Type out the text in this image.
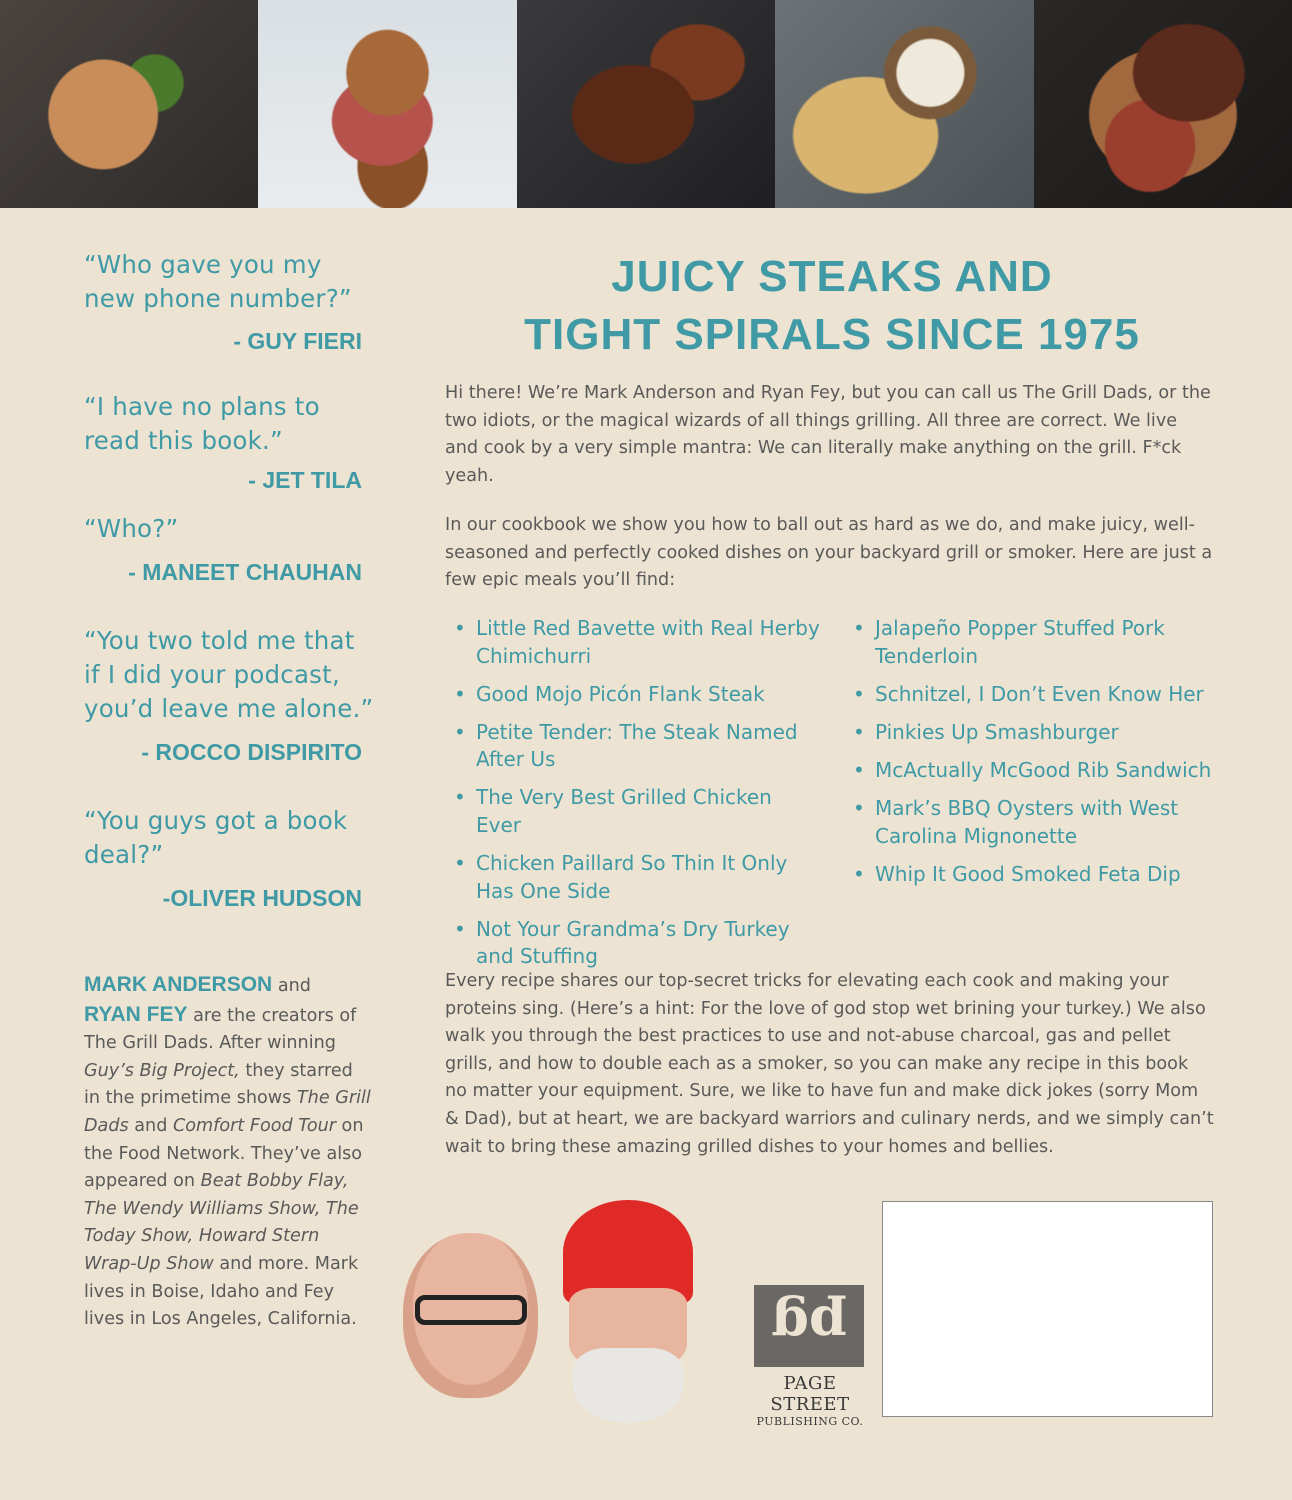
“Who gave you my
new phone number?”
- GUY FIERI
“I have no plans to
read this book.”
- JET TILA
“Who?”
- MANEET CHAUHAN
“You two told me that
if I did your podcast,
you’d leave me alone.”
- ROCCO DISPIRITO
“You guys got a book
deal?”
-OLIVER HUDSON
MARK ANDERSON and
RYAN FEY are the creators of The Grill Dads. After winning Guy’s Big Project, they starred in the primetime shows The Grill Dads and Comfort Food Tour on the Food Network. They’ve also appeared on Beat Bobby Flay, The Wendy Williams Show, The Today Show, Howard Stern Wrap-Up Show and more. Mark lives in Boise, Idaho and Fey lives in Los Angeles, California.
JUICY STEAKS AND
TIGHT SPIRALS SINCE 1975

Hi there! We’re Mark Anderson and Ryan Fey, but you can call us The Grill Dads, or the two idiots, or the magical wizards of all things grilling. All three are correct. We live and cook by a very simple mantra: We can literally make anything on the grill. F*ck yeah.

In our cookbook we show you how to ball out as hard as we do, and make juicy, well-seasoned and perfectly cooked dishes on your backyard grill or smoker. Here are just a few epic meals you’ll find:

• Little Red Bavette with Real Herby Chimichurri
• Good Mojo Picón Flank Steak
• Petite Tender: The Steak Named After Us
• The Very Best Grilled Chicken Ever
• Chicken Paillard So Thin It Only Has One Side
• Not Your Grandma’s Dry Turkey and Stuffing
• Jalapeño Popper Stuffed Pork Tenderloin
• Schnitzel, I Don’t Even Know Her
• Pinkies Up Smashburger
• McActually McGood Rib Sandwich
• Mark’s BBQ Oysters with West Carolina Mignonette
• Whip It Good Smoked Feta Dip

Every recipe shares our top-secret tricks for elevating each cook and making your proteins sing. (Here’s a hint: For the love of god stop wet brining your turkey.) We also walk you through the best practices to use and not-abuse charcoal, gas and pellet grills, and how to double each as a smoker, so you can make any recipe in this book no matter your equipment. Sure, we like to have fun and make dick jokes (sorry Mom & Dad), but at heart, we are backyard warriors and culinary nerds, and we simply can’t wait to bring these amazing grilled dishes to your homes and bellies.

pg
PAGE STREET
PUBLISHING CO.
